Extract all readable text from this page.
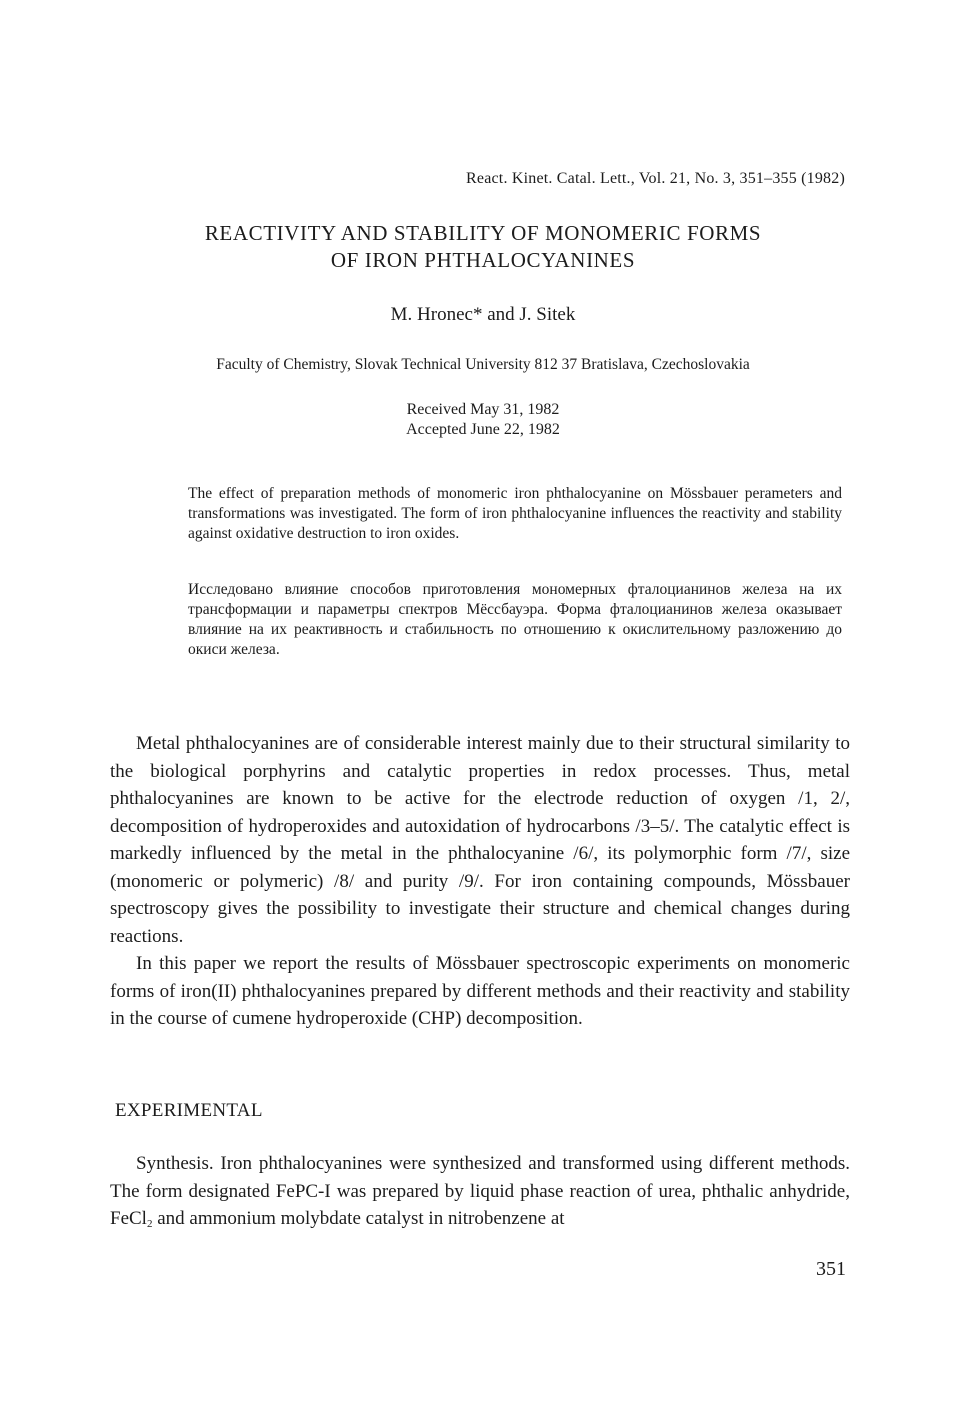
React. Kinet. Catal. Lett., Vol. 21, No. 3, 351–355 (1982)
REACTIVITY AND STABILITY OF MONOMERIC FORMS
OF IRON PHTHALOCYANINES
M. Hronec* and J. Sitek
Faculty of Chemistry, Slovak Technical University 812 37 Bratislava, Czechoslovakia
Received May 31, 1982
Accepted June 22, 1982
The effect of preparation methods of monomeric iron phthalocyanine on Mössbauer perameters and transformations was investigated. The form of iron phthalocyanine influences the reactivity and stability against oxidative destruction to iron oxides.
Исследовано влияние способов приготовления мономерных фталоцианинов железа на их трансформации и параметры спектров Мёссбауэра. Форма фталоцианинов железа оказывает влияние на их реактивность и стабильность по отношению к окислительному разложению до окиси железа.

Metal phthalocyanines are of considerable interest mainly due to their structural similarity to the biological porphyrins and catalytic properties in redox processes. Thus, metal phthalocyanines are known to be active for the electrode reduction of oxygen /1, 2/, decomposition of hydroperoxides and autoxidation of hydrocarbons /3–5/. The catalytic effect is markedly influenced by the metal in the phthalocyanine /6/, its polymorphic form /7/, size (monomeric or polymeric) /8/ and purity /9/. For iron containing compounds, Mössbauer spectroscopy gives the possibility to investigate their structure and chemical changes during reactions.

In this paper we report the results of Mössbauer spectroscopic experiments on monomeric forms of iron(II) phthalocyanines prepared by different methods and their reactivity and stability in the course of cumene hydroperoxide (CHP) decomposition.

EXPERIMENTAL

Synthesis. Iron phthalocyanines were synthesized and transformed using different methods. The form designated FePC-I was prepared by liquid phase reaction of urea, phthalic anhydride, FeCl$_2$ and ammonium molybdate catalyst in nitrobenzene at

351
